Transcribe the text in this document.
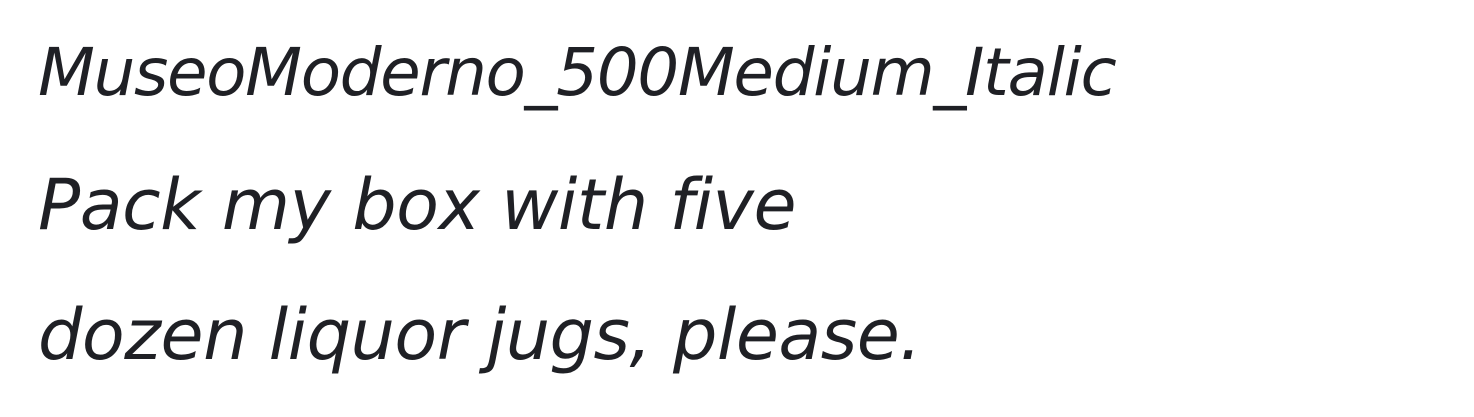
MuseoModerno_500Medium_Italic

Pack my box with five

dozen liquor jugs, please.
